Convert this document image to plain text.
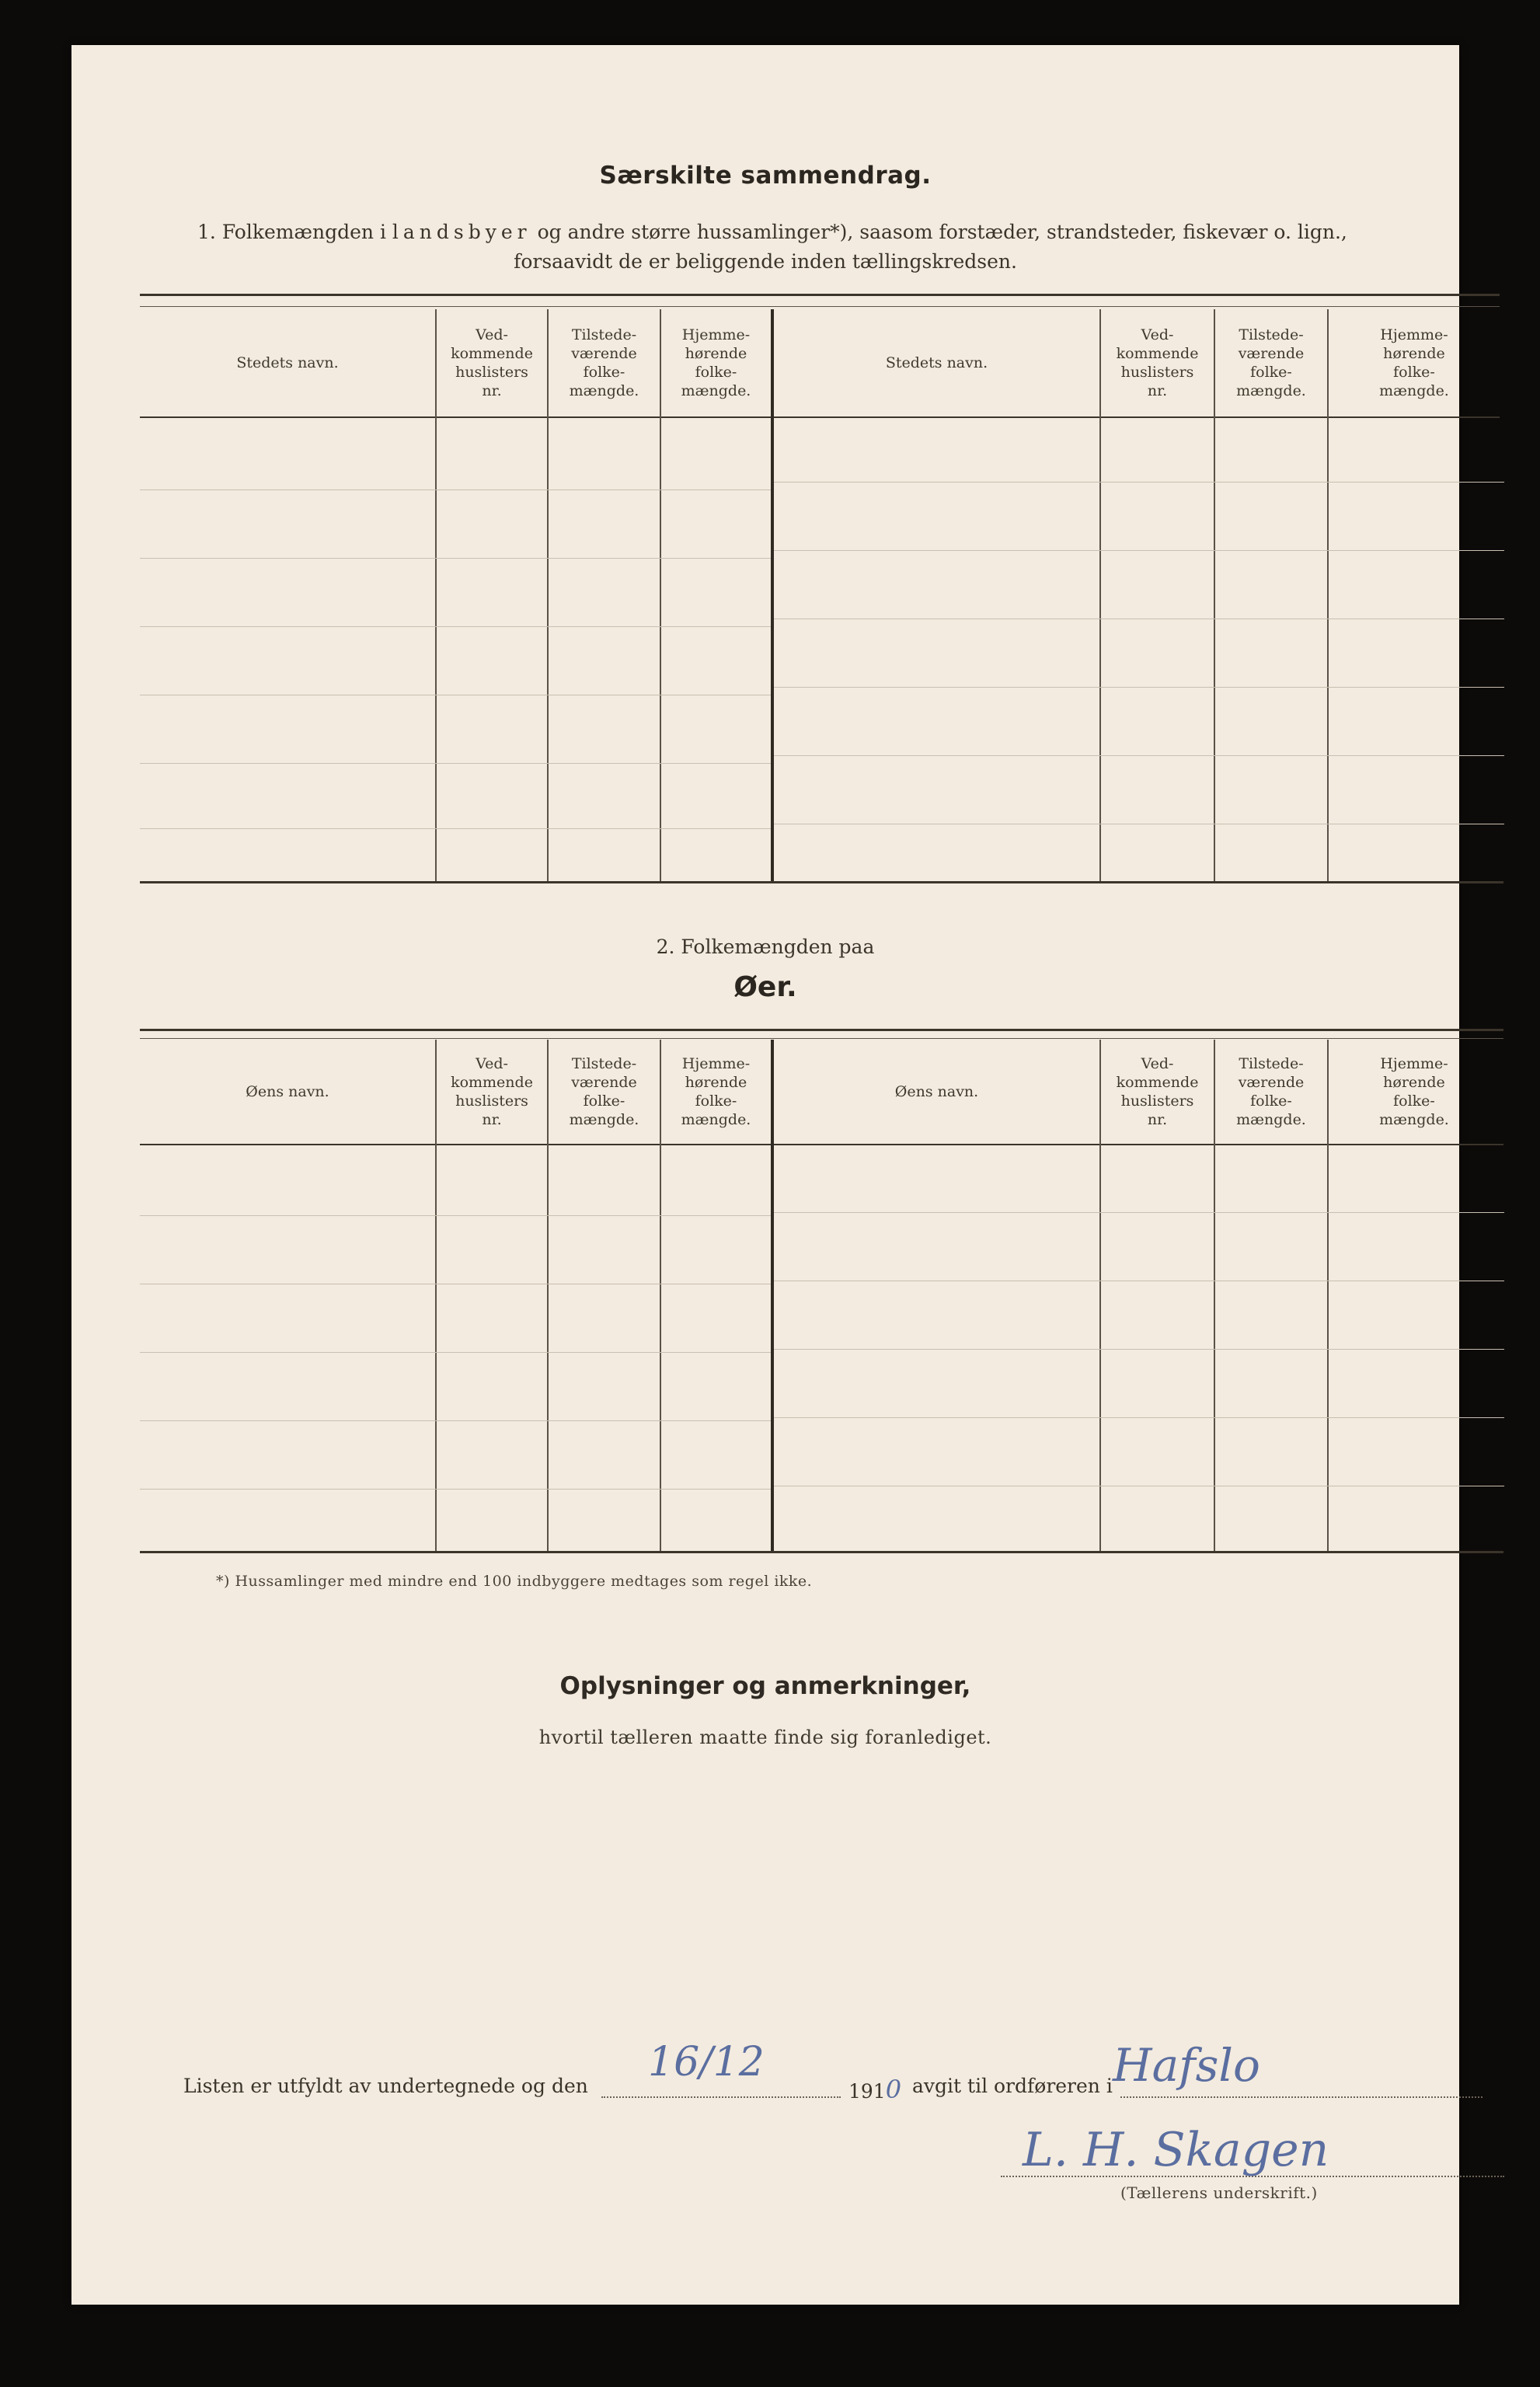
Særskilte sammendrag.
1. Folkemængden i landsbyer og andre større hussamlinger*), saasom forstæder, strandsteder, fiskevær o. lign.,
forsaavidt de er beliggende inden tællingskredsen.
Stedets navn.
Ved-
kommende
huslisters
nr.
Tilstede-
værende
folke-
mængde.
Hjemme-
hørende
folke-
mængde.
Stedets navn.
Ved-
kommende
huslisters
nr.
Tilstede-
værende
folke-
mængde.
Hjemme-
hørende
folke-
mængde.
2. Folkemængden paa
Øer.
Øens navn.
Ved-
kommende
huslisters
nr.
Tilstede-
værende
folke-
mængde.
Hjemme-
hørende
folke-
mængde.
Øens navn.
Ved-
kommende
huslisters
nr.
Tilstede-
værende
folke-
mængde.
Hjemme-
hørende
folke-
mængde.
*) Hussamlinger med mindre end 100 indbyggere medtages som regel ikke.
Oplysninger og anmerkninger,
hvortil tælleren maatte finde sig foranlediget.
Listen er utfyldt av undertegnede og den
16/12
1910 avgit til ordføreren i Hafslo
L. H. Skagen
(Tællerens underskrift.)
